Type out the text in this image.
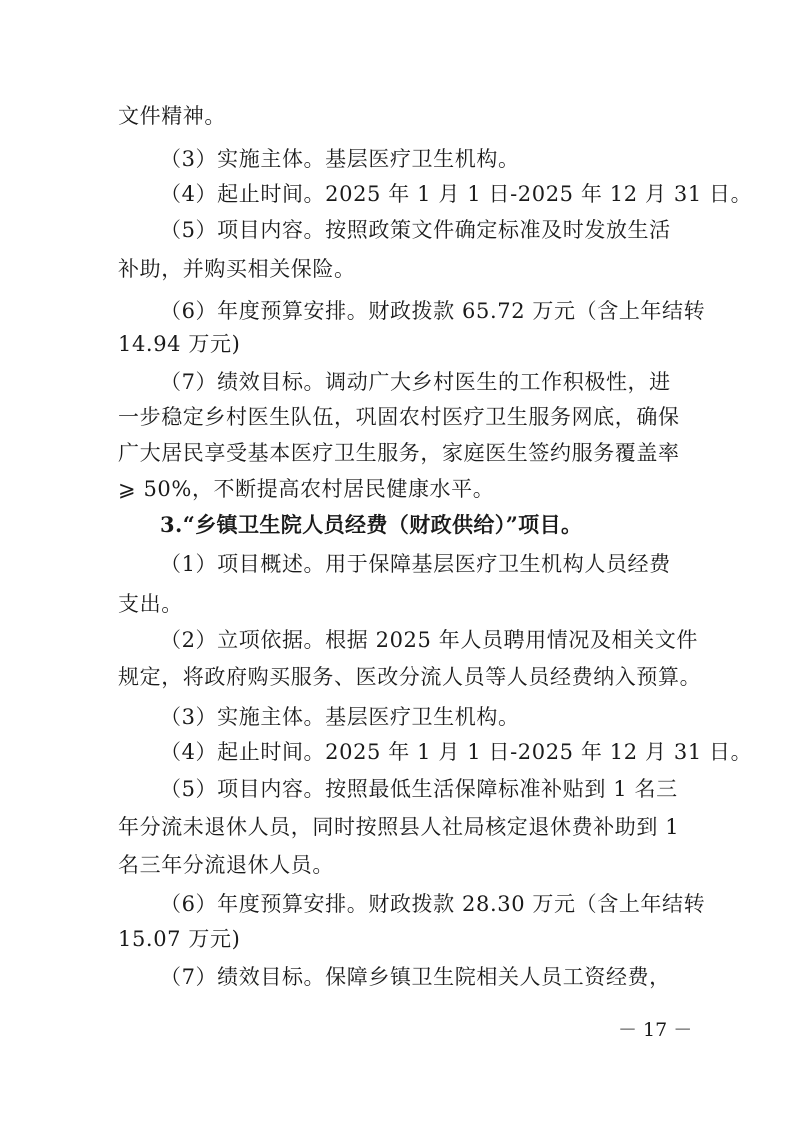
文件精神。
（3）实施主体。基层医疗卫生机构。
（4）起止时间。2025 年 1 月 1 日-2025 年 12 月 31 日。
（5）项目内容。按照政策文件确定标准及时发放生活
补助，并购买相关保险。
（6）年度预算安排。财政拨款 65.72 万元（含上年结转
14.94 万元)
（7）绩效目标。调动广大乡村医生的工作积极性，进
一步稳定乡村医生队伍，巩固农村医疗卫生服务网底，确保
广大居民享受基本医疗卫生服务，家庭医生签约服务覆盖率
⩾ 50%，不断提高农村居民健康水平。
3.“乡镇卫生院人员经费（财政供给）”项目。
（1）项目概述。用于保障基层医疗卫生机构人员经费
支出。
（2）立项依据。根据 2025 年人员聘用情况及相关文件
规定，将政府购买服务、医改分流人员等人员经费纳入预算。
（3）实施主体。基层医疗卫生机构。
（4）起止时间。2025 年 1 月 1 日-2025 年 12 月 31 日。
（5）项目内容。按照最低生活保障标准补贴到 1 名三
年分流未退休人员，同时按照县人社局核定退休费补助到 1
名三年分流退休人员。
（6）年度预算安排。财政拨款 28.30 万元（含上年结转
15.07 万元)
（7）绩效目标。保障乡镇卫生院相关人员工资经费，
－ 17 －
